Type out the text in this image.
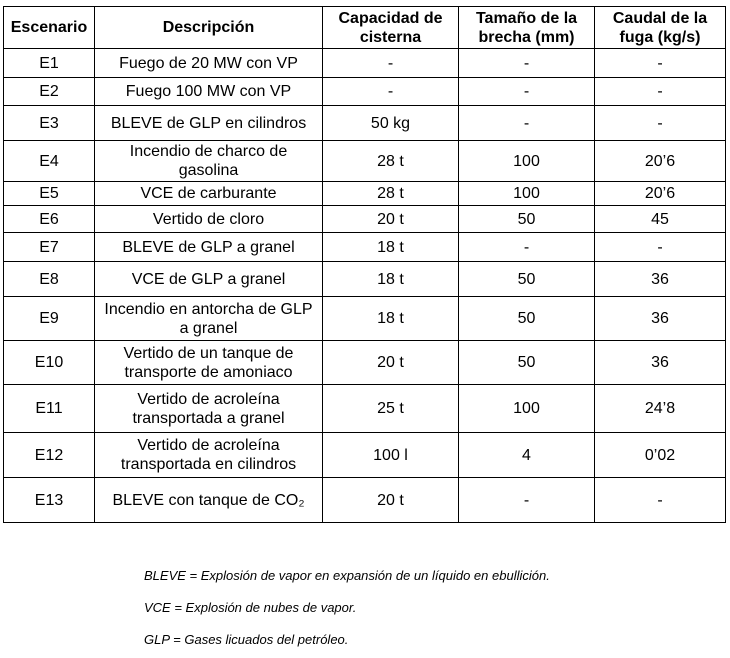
Escenario	Descripción	Capacidad de cisterna	Tamaño de la brecha (mm)	Caudal de la fuga (kg/s)
E1	Fuego de 20 MW con VP	-	-	-
E2	Fuego 100 MW con VP	-	-	-
E3	BLEVE de GLP en cilindros	50 kg	-	-
E4	Incendio de charco de gasolina	28 t	100	20’6
E5	VCE de carburante	28 t	100	20’6
E6	Vertido de cloro	20 t	50	45
E7	BLEVE de GLP a granel	18 t	-	-
E8	VCE de GLP a granel	18 t	50	36
E9	Incendio en antorcha de GLP a granel	18 t	50	36
E10	Vertido de un tanque de transporte de amoniaco	20 t	50	36
E11	Vertido de acroleína transportada a granel	25 t	100	24’8
E12	Vertido de acroleína transportada en cilindros	100 l	4	0’02
E13	BLEVE con tanque de CO₂	20 t	-	-

BLEVE = Explosión de vapor en expansión de un líquido en ebullición.

VCE = Explosión de nubes de vapor.

GLP = Gases licuados del petróleo.
